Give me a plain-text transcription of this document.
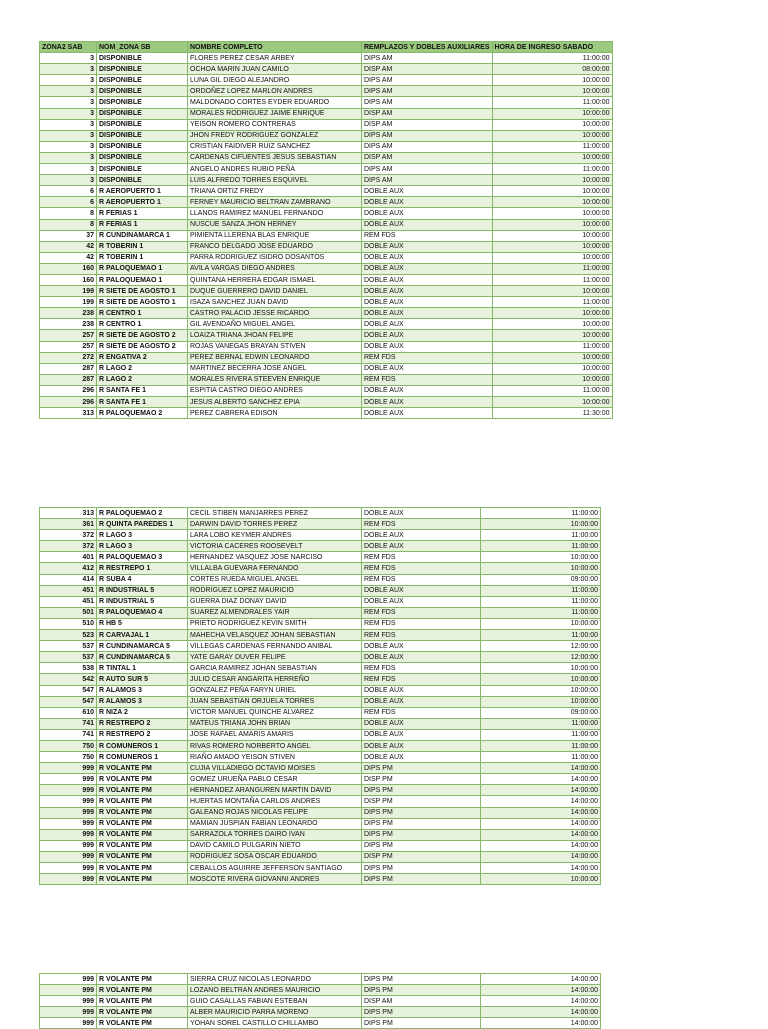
ZONA2 SAB	NOM_ZONA SB	NOMBRE COMPLETO	REMPLAZOS Y DOBLES AUXILIARES	HORA DE INGRESO SABADO
3	DISPONIBLE	FLORES PEREZ CESAR ARBEY	DIPS AM	11:00:00
3	DISPONIBLE	OCHOA MARIN JUAN CAMILO	DISP AM	08:00:00
3	DISPONIBLE	LUNA GIL DIEGO ALEJANDRO	DIPS AM	10:00:00
3	DISPONIBLE	ORDOÑEZ LOPEZ MARLON ANDRES	DIPS AM	10:00:00
3	DISPONIBLE	MALDONADO CORTES EYDER EDUARDO	DIPS AM	11:00:00
3	DISPONIBLE	MORALES RODRIGUEZ JAIME ENRIQUE	DISP AM	10:00:00
3	DISPONIBLE	YEISON ROMERO CONTRERAS	DISP AM	10:00:00
3	DISPONIBLE	JHON FREDY RODRIGUEZ GONZALEZ	DIPS AM	10:00:00
3	DISPONIBLE	CRISTIAN FAIDIVER RUIZ SANCHEZ	DIPS AM	11:00:00
3	DISPONIBLE	CARDENAS CIFUENTES JESUS SEBASTIAN	DISP AM	10:00:00
3	DISPONIBLE	ANGELO ANDRES RUBIO PEÑA	DIPS AM	11:00:00
3	DISPONIBLE	LUIS ALFREDO TORRES ESQUIVEL	DIPS AM	10:00:00
6	R AEROPUERTO 1	TRIANA ORTIZ FREDY	DOBLE AUX	10:00:00
6	R AEROPUERTO 1	FERNEY MAURICIO BELTRAN ZAMBRANO	DOBLE AUX	10:00:00
8	R FERIAS 1	LLANOS RAMIREZ MANUEL FERNANDO	DOBLE AUX	10:00:00
8	R FERIAS 1	NUSCUE SANZA JHON HERNEY	DOBLE AUX	10:00:00
37	R CUNDINAMARCA 1	PIMIENTA LLERENA BLAS ENRIQUE	REM FDS	10:00:00
42	R TOBERIN 1	FRANCO DELGADO JOSE EDUARDO	DOBLE AUX	10:00:00
42	R TOBERIN 1	PARRA RODRIGUEZ ISIDRO DOSANTOS	DOBLE AUX	10:00:00
160	R PALOQUEMAO 1	AVILA VARGAS DIEGO ANDRES	DOBLE AUX	11:00:00
160	R PALOQUEMAO 1	QUINTANA HERRERA EDGAR ISMAEL	DOBLE AUX	11:00:00
199	R SIETE DE AGOSTO 1	DUQUE GUERRERO DAVID DANIEL	DOBLE AUX	10:00:00
199	R SIETE DE AGOSTO 1	ISAZA SANCHEZ JUAN DAVID	DOBLE AUX	11:00:00
238	R CENTRO 1	CASTRO PALACIO JESSE RICARDO	DOBLE AUX	10:00:00
238	R CENTRO 1	GIL AVENDAÑO MIGUEL ANGEL	DOBLE AUX	10:00:00
257	R SIETE DE AGOSTO 2	LOAIZA TRIANA JHOAN FELIPE	DOBLE AUX	10:00:00
257	R SIETE DE AGOSTO 2	ROJAS VANEGAS BRAYAN STIVEN	DOBLE AUX	11:00:00
272	R ENGATIVA 2	PEREZ BERNAL EDWIN LEONARDO	REM FDS	10:00:00
287	R LAGO 2	MARTINEZ BECERRA JOSE ANGEL	DOBLE AUX	10:00:00
287	R LAGO 2	MORALES RIVERA STEEVEN ENRIQUE	REM FDS	10:00:00
296	R SANTA FE 1	ESPITIA CASTRO DIEGO ANDRES	DOBLE AUX	11:00:00
296	R SANTA FE 1	JESUS ALBERTO SANCHEZ EPIA	DOBLE AUX	10:00:00
313	R PALOQUEMAO 2	PEREZ CABRERA EDISON	DOBLE AUX	11:30:00
313	R PALOQUEMAO 2	CECIL STIBEN MANJARRES PEREZ	DOBLE AUX	11:00:00
361	R QUINTA PAREDES 1	DARWIN DAVID TORRES PEREZ	REM FDS	10:00:00
372	R LAGO 3	LARA LOBO KEYMER ANDRES	DOBLE AUX	11:00:00
372	R LAGO 3	VICTORIA CACERES ROOSEVELT	DOBLE AUX	11:00:00
401	R PALOQUEMAO 3	HERNANDEZ VASQUEZ JOSE NARCISO	REM FDS	10:00:00
412	R RESTREPO 1	VILLALBA GUEVARA FERNANDO	REM FDS	10:00:00
414	R SUBA 4	CORTES RUEDA MIGUEL ANGEL	REM FDS	09:00:00
451	R INDUSTRIAL 5	RODRIGUEZ LOPEZ MAURICIO	DOBLE AUX	11:00:00
451	R INDUSTRIAL 5	GUERRA DIAZ DONAY DAVID	DOBLE AUX	11:00:00
501	R PALOQUEMAO 4	SUAREZ ALMENDRALES YAIR	REM FDS	11:00:00
510	R HB 5	PRIETO RODRIGUEZ KEVIN SMITH	REM FDS	10:00:00
523	R CARVAJAL 1	MAHECHA VELASQUEZ JOHAN SEBASTIAN	REM FDS	11:00:00
537	R CUNDINAMARCA 5	VILLEGAS CARDENAS FERNANDO ANIBAL	DOBLE AUX	12:00:00
537	R CUNDINAMARCA 5	YATE GARAY DUVER FELIPE	DOBLE AUX	12:00:00
538	R TINTAL 1	GARCIA RAMIREZ JOHAN SEBASTIAN	REM FDS	10:00:00
542	R AUTO SUR 5	JULIO CESAR ANGARITA HERREÑO	REM FDS	10:00:00
547	R ALAMOS 3	GONZALEZ PEÑA FARYN URIEL	DOBLE AUX	10:00:00
547	R ALAMOS 3	JUAN SEBASTIAN ORJUELA TORRES	DOBLE AUX	10:00:00
610	R NIZA 2	VICTOR MANUEL QUINCHE ALVAREZ	REM FDS	09:00:00
741	R RESTREPO 2	MATEUS TRIANA JOHN BRIAN	DOBLE AUX	11:00:00
741	R RESTREPO 2	JOSE RAFAEL AMARIS AMARIS	DOBLE AUX	11:00:00
750	R COMUNEROS 1	RIVAS ROMERO NORBERTO ANGEL	DOBLE AUX	11:00:00
750	R COMUNEROS 1	RIAÑO AMADO YEISON STIVEN	DOBLE AUX	11:00:00
999	R VOLANTE PM	CUJIA VILLADIEGO OCTAVIO MOISES	DIPS PM	14:00:00
999	R VOLANTE PM	GOMEZ URUEÑA PABLO CESAR	DISP PM	14:00:00
999	R VOLANTE PM	HERNANDEZ ARANGUREN MARTIN DAVID	DIPS PM	14:00:00
999	R VOLANTE PM	HUERTAS MONTAÑA CARLOS ANDRES	DISP PM	14:00:00
999	R VOLANTE PM	GALEANO ROJAS NICOLAS FELIPE	DIPS PM	14:00:00
999	R VOLANTE PM	MAMIAN JUSPIAN FABIAN LEONARDO	DIPS PM	14:00:00
999	R VOLANTE PM	SARRAZOLA TORRES DAIRO IVAN	DIPS PM	14:00:00
999	R VOLANTE PM	DAVID CAMILO PULGARIN NIETO	DIPS PM	14:00:00
999	R VOLANTE PM	RODRIGUEZ SOSA OSCAR EDUARDO	DISP PM	14:00:00
999	R VOLANTE PM	CEBALLOS AGUIRRE JEFFERSON SANTIAGO	DIPS PM	14:00:00
999	R VOLANTE PM	MOSCOTE RIVERA GIOVANNI ANDRES	DIPS PM	10:00:00
999	R VOLANTE PM	SIERRA CRUZ NICOLAS LEONARDO	DIPS PM	14:00:00
999	R VOLANTE PM	LOZANO BELTRAN ANDRES MAURICIO	DIPS PM	14:00:00
999	R VOLANTE PM	GUIO CASALLAS FABIAN ESTEBAN	DISP AM	14:00:00
999	R VOLANTE PM	ALBER MAURICIO PARRA MORENO	DIPS PM	14:00:00
999	R VOLANTE PM	YOHAN SOREL CASTILLO CHILLAMBO	DIPS PM	14:00:00
